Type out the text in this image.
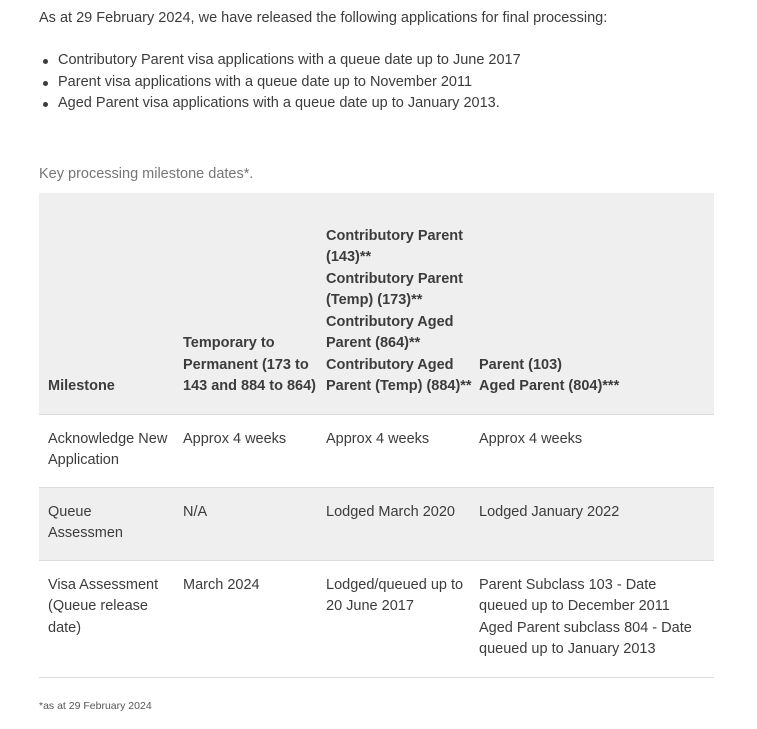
As at 29 February 2024, we have released the following applications for final processing:

Contributory Parent visa applications with a queue date up to June 2017
Parent visa applications with a queue date up to November 2011
Aged Parent visa applications with a queue date up to January 2013.

Key processing milestone dates*.

Milestone	Temporary to Permanent (173 to 143 and 884 to 864)	Contributory Parent (143)**
Contributory Parent (Temp) (173)**
Contributory Aged Parent (864)**
Contributory Aged Parent (Temp) (884)**	Parent (103)
Aged Parent (804)***

Acknowledge New Application	Approx 4 weeks	Approx 4 weeks	Approx 4 weeks

Queue Assessmen	N/A	Lodged March 2020	Lodged January 2022

Visa Assessment (Queue release date)	March 2024	Lodged/queued up to 20 June 2017	Parent Subclass 103 - Date queued up to December 2011
Aged Parent subclass 804 - Date queued up to January 2013

*as at 29 February 2024
